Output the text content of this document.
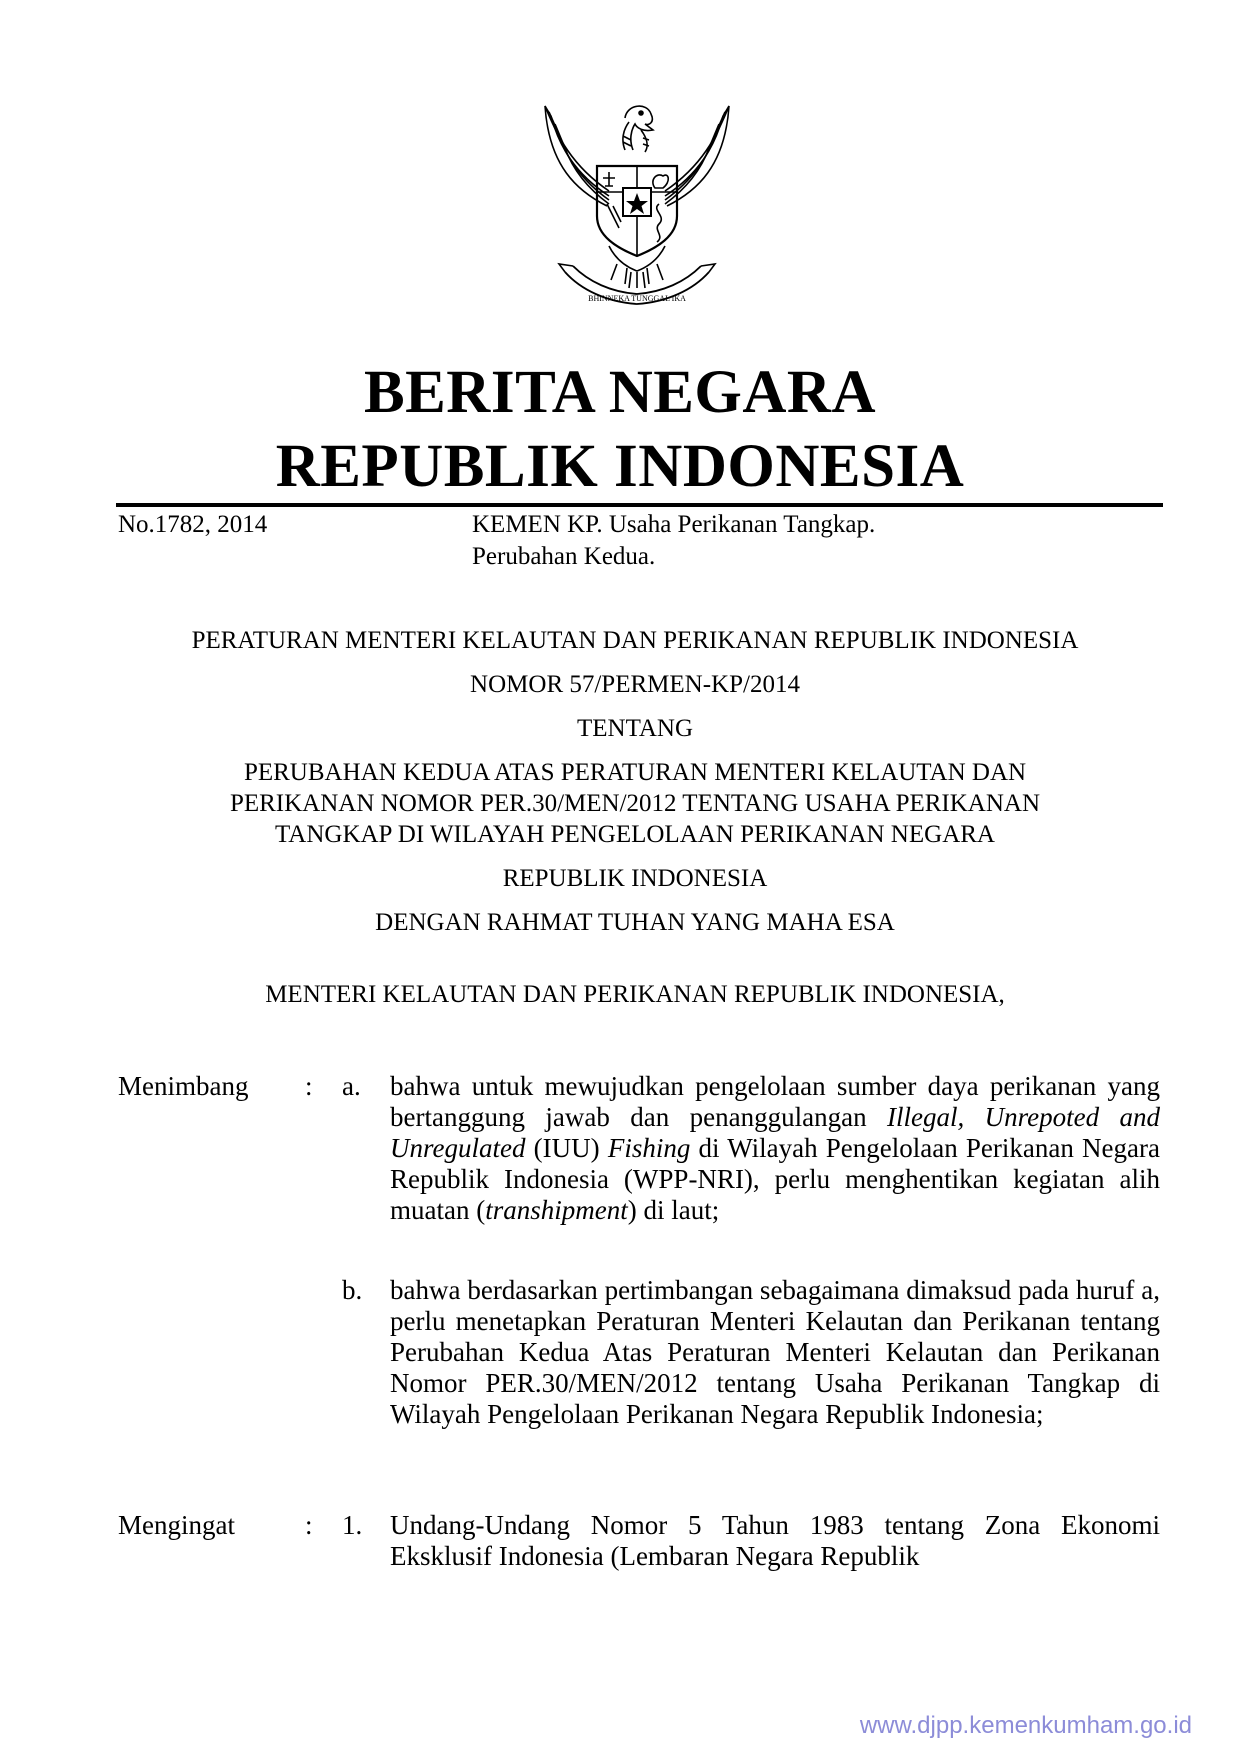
BHINNEKA TUNGGAL IKA
BERITA NEGARA
REPUBLIK INDONESIA
No.1782, 2014	KEMEN KP. Usaha Perikanan Tangkap.
Perubahan Kedua.
PERATURAN MENTERI KELAUTAN DAN PERIKANAN REPUBLIK INDONESIA
NOMOR 57/PERMEN-KP/2014
TENTANG
PERUBAHAN KEDUA ATAS PERATURAN MENTERI KELAUTAN DAN
PERIKANAN NOMOR PER.30/MEN/2012 TENTANG USAHA PERIKANAN
TANGKAP DI WILAYAH PENGELOLAAN PERIKANAN NEGARA
REPUBLIK INDONESIA
DENGAN RAHMAT TUHAN YANG MAHA ESA
MENTERI KELAUTAN DAN PERIKANAN REPUBLIK INDONESIA,
Menimbang : a. bahwa untuk mewujudkan pengelolaan sumber daya perikanan yang bertanggung jawab dan penanggulangan Illegal, Unrepoted and Unregulated (IUU) Fishing di Wilayah Pengelolaan Perikanan Negara Republik Indonesia (WPP-NRI), perlu menghentikan kegiatan alih muatan (transhipment) di laut;
b. bahwa berdasarkan pertimbangan sebagaimana dimaksud pada huruf a, perlu menetapkan Peraturan Menteri Kelautan dan Perikanan tentang Perubahan Kedua Atas Peraturan Menteri Kelautan dan Perikanan Nomor PER.30/MEN/2012 tentang Usaha Perikanan Tangkap di Wilayah Pengelolaan Perikanan Negara Republik Indonesia;
Mengingat	: 1. Undang-Undang Nomor 5 Tahun 1983 tentang Zona Ekonomi Eksklusif Indonesia (Lembaran Negara Republik
www.djpp.kemenkumham.go.id
